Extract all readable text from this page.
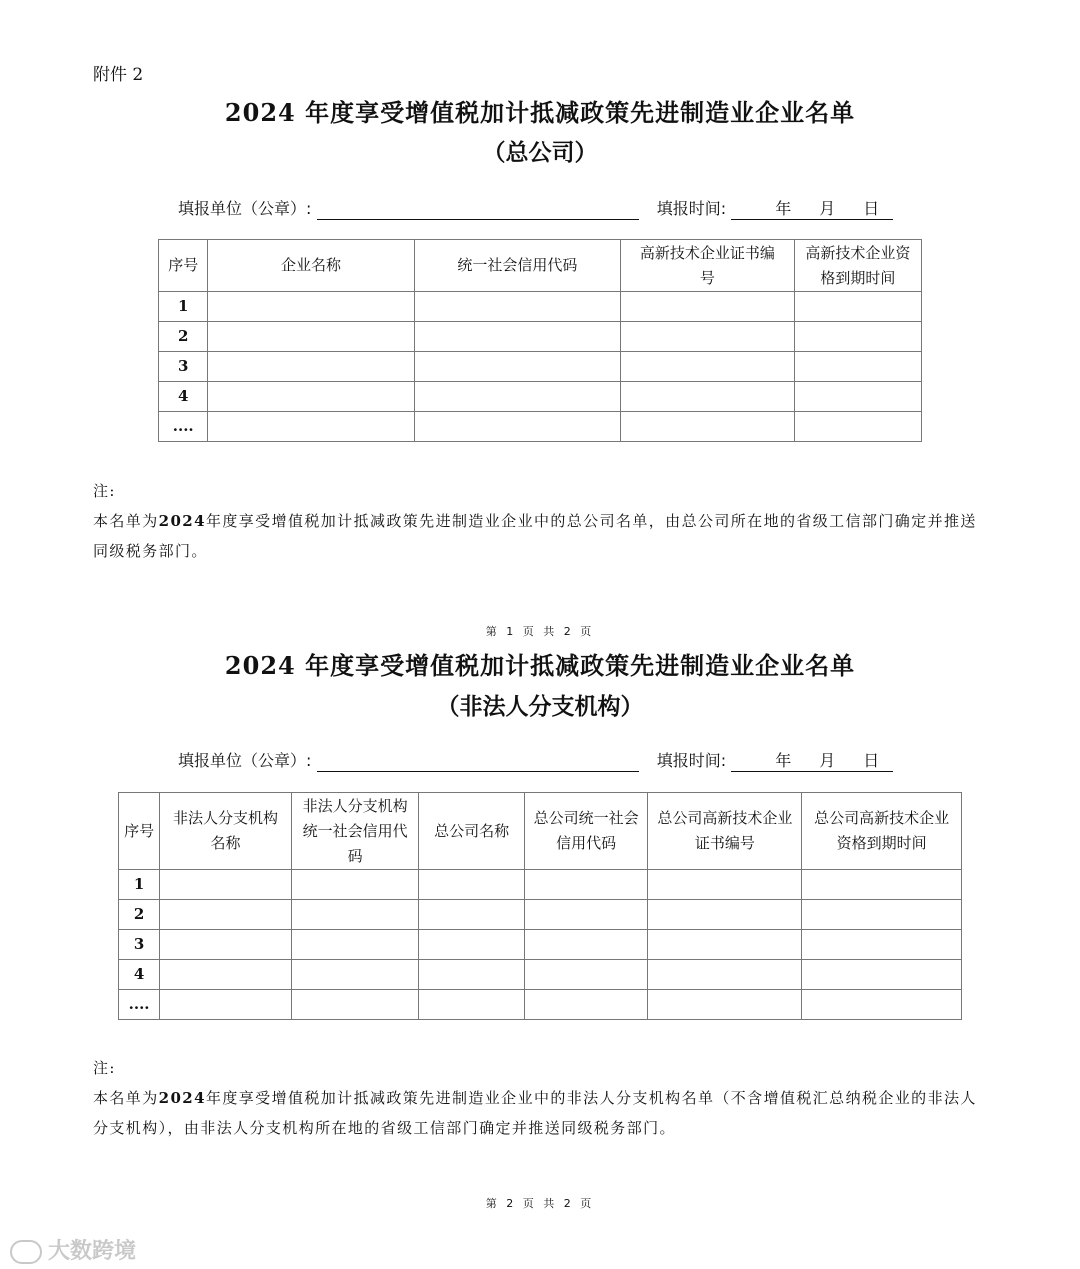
附件 2
2024 年度享受增值税加计抵减政策先进制造业企业名单
（总公司）
填报单位（公章）:	填报时间:	年 月 日
序号	企业名称	统一社会信用代码	高新技术企业证书编号	高新技术企业资格到期时间
1				
2				
3				
4				
....				
注:
本名单为2024年度享受增值税加计抵减政策先进制造业企业中的总公司名单，由总公司所在地的省级工信部门确定并推送同级税务部门。
第 1 页 共 2 页
2024 年度享受增值税加计抵减政策先进制造业企业名单
（非法人分支机构）
填报单位（公章）:	填报时间:	年 月 日
序号	非法人分支机构名称	非法人分支机构统一社会信用代码	总公司名称	总公司统一社会信用代码	总公司高新技术企业证书编号	总公司高新技术企业资格到期时间
1						
2						
3						
4						
....						
注:
本名单为2024年度享受增值税加计抵减政策先进制造业企业中的非法人分支机构名单（不含增值税汇总纳税企业的非法人分支机构），由非法人分支机构所在地的省级工信部门确定并推送同级税务部门。
第 2 页 共 2 页
大数跨境
